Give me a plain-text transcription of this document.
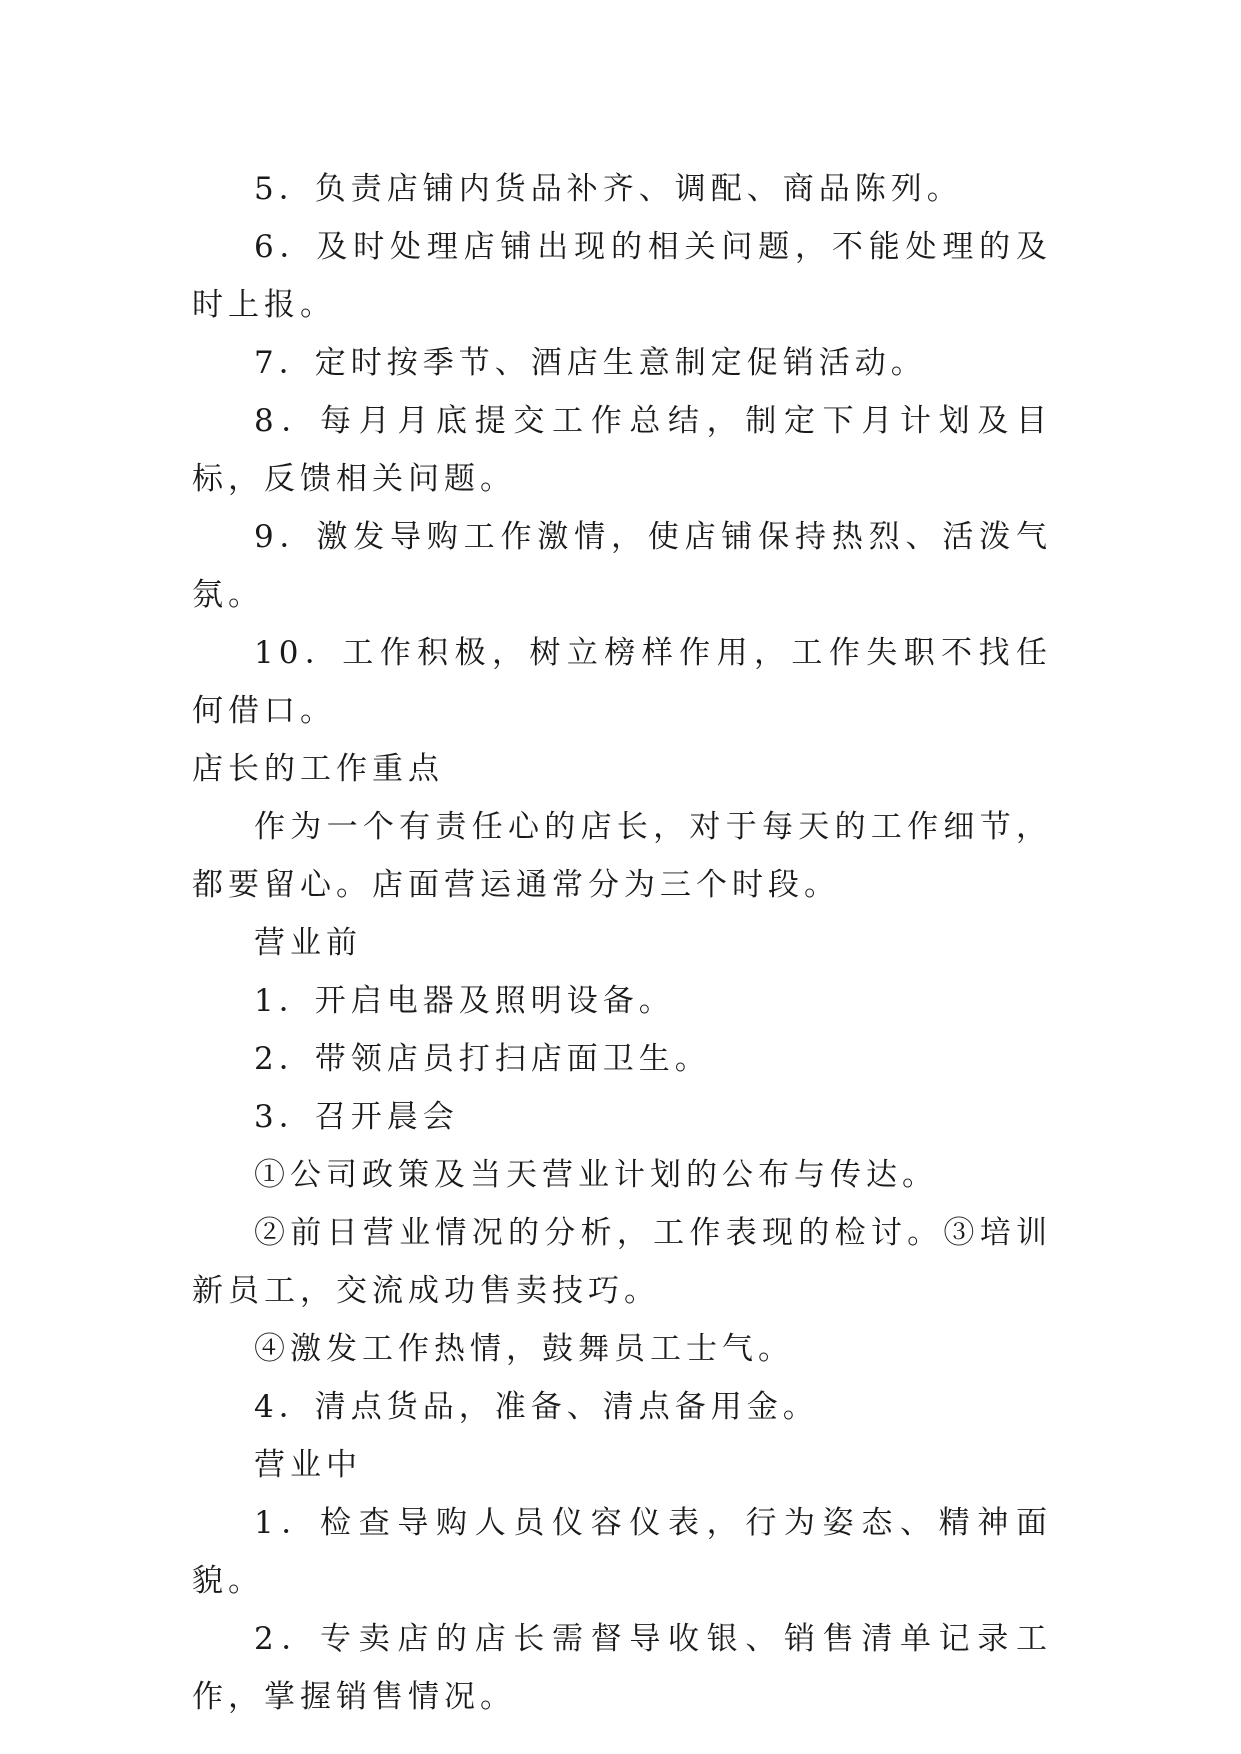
5．负责店铺内货品补齐、调配、商品陈列。

6．及时处理店铺出现的相关问题，不能处理的及时上报。

7．定时按季节、酒店生意制定促销活动。

8．每月月底提交工作总结，制定下月计划及目标，反馈相关问题。

9．激发导购工作激情，使店铺保持热烈、活泼气氛。

10．工作积极，树立榜样作用，工作失职不找任何借口。

店长的工作重点

作为一个有责任心的店长，对于每天的工作细节，都要留心。店面营运通常分为三个时段。

营业前

1．开启电器及照明设备。

2．带领店员打扫店面卫生。

3．召开晨会

①公司政策及当天营业计划的公布与传达。

②前日营业情况的分析，工作表现的检讨。③培训新员工，交流成功售卖技巧。

④激发工作热情，鼓舞员工士气。

4．清点货品，准备、清点备用金。

营业中

1．检查导购人员仪容仪表，行为姿态、精神面貌。

2．专卖店的店长需督导收银、销售清单记录工作，掌握销售情况。
